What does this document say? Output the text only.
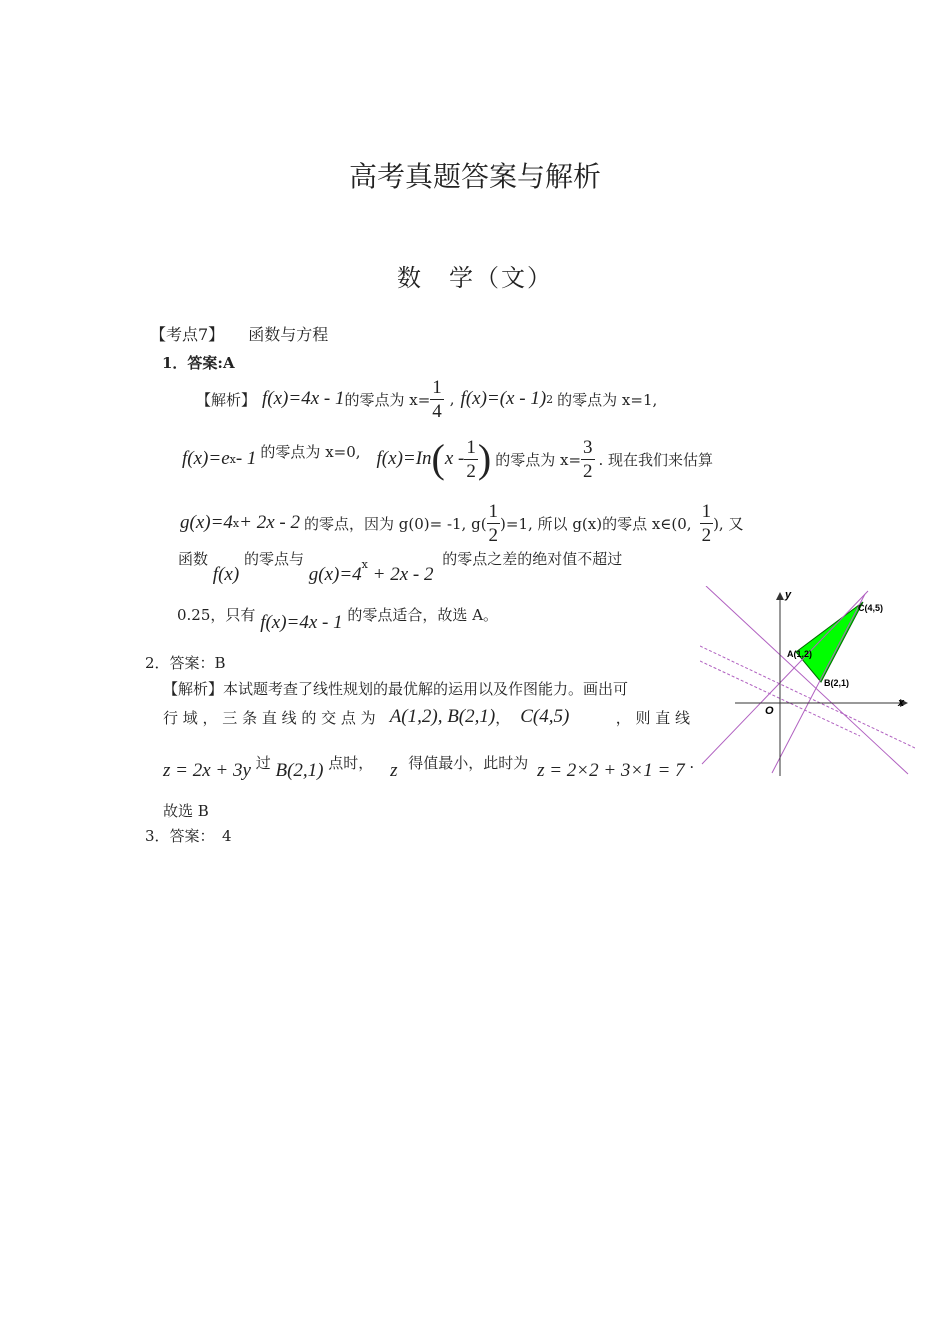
高考真题答案与解析
数　学（文）
【考点7】 函数与方程
1．答案:A
【解析】 f(x)=4x - 1 的零点为 $x= \frac{1}{4}$ , f(x)=(x - 1) 2 的零点为 x=1,
f(x)=e x - 1 的零点为 x=0, f(x)=In ( x - $\frac{1}{2}$ ) 的零点为 $x= \frac{3}{2}$ . 现在我们来估算
g(x)=4 x + 2x - 2 的零点，因为 g(0)= -1, $g( \frac{1}{2} )=1$, 所以 g(x)的零点 x∈(0, $\frac{1}{2}$ ), 又
函数 f(x) 的零点与 $g(x)=4^x + 2x - 2$ 的零点之差的绝对值不超过
0.25，只有 f(x)=4x - 1 的零点适合，故选 A。
2．答案：B
【解析】本试题考查了线性规划的最优解的运用以及作图能力。画出可
行 域 ， 三 条 直 线 的 交 点 为 A(1,2), B(2,1) ， C(4,5)	， 则 直 线
z = 2x + 3y 过 B(2,1) 点时， z 得值最小，此时为 z = 2×2 + 3×1 = 7 .
故选 B
3．答案：　4
x
y
O
A(1,2)
B(2,1)
C(4,5)
